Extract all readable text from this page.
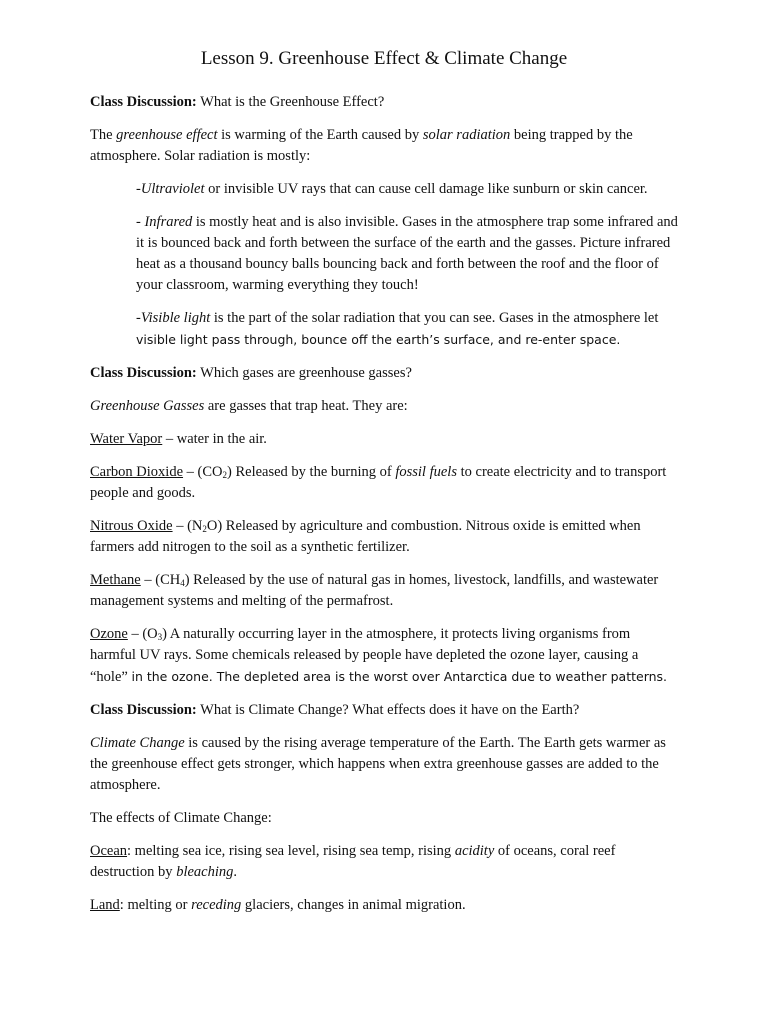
Lesson 9. Greenhouse Effect & Climate Change

Class Discussion: What is the Greenhouse Effect?

The greenhouse effect is warming of the Earth caused by solar radiation being trapped by the atmosphere. Solar radiation is mostly:

-Ultraviolet or invisible UV rays that can cause cell damage like sunburn or skin cancer.

- Infrared is mostly heat and is also invisible. Gases in the atmosphere trap some infrared and it is bounced back and forth between the surface of the earth and the gasses. Picture infrared heat as a thousand bouncy balls bouncing back and forth between the roof and the floor of your classroom, warming everything they touch!

-Visible light is the part of the solar radiation that you can see. Gases in the atmosphere let visible light pass through, bounce off the earth’s surface, and re-enter space.

Class Discussion: Which gases are greenhouse gasses?

Greenhouse Gasses are gasses that trap heat. They are:

Water Vapor – water in the air.

Carbon Dioxide – $(CO_2)$ Released by the burning of fossil fuels to create electricity and to transport people and goods.

Nitrous Oxide – $(N_2O)$ Released by agriculture and combustion. Nitrous oxide is emitted when farmers add nitrogen to the soil as a synthetic fertilizer.

Methane – $(CH_4)$ Released by the use of natural gas in homes, livestock, landfills, and wastewater management systems and melting of the permafrost.

Ozone – $(O_3)$ A naturally occurring layer in the atmosphere, it protects living organisms from harmful UV rays. Some chemicals released by people have depleted the ozone layer, causing a “hole” in the ozone. The depleted area is the worst over Antarctica due to weather patterns.

Class Discussion: What is Climate Change? What effects does it have on the Earth?

Climate Change is caused by the rising average temperature of the Earth. The Earth gets warmer as the greenhouse effect gets stronger, which happens when extra greenhouse gasses are added to the atmosphere.

The effects of Climate Change:

Ocean: melting sea ice, rising sea level, rising sea temp, rising acidity of oceans, coral reef destruction by bleaching.

Land: melting or receding glaciers, changes in animal migration.
